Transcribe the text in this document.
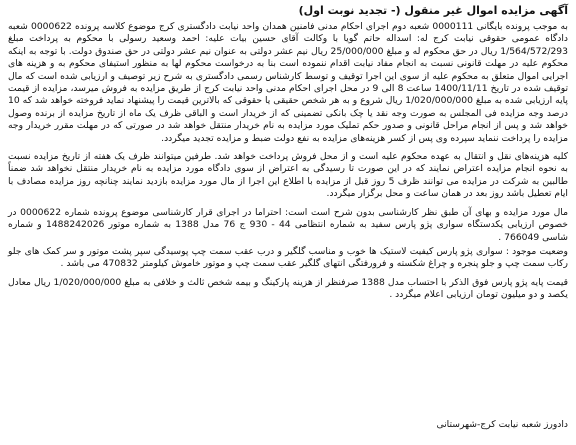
آگهی مزایده اموال غیر منقول (- تجدید نوبت اول)

به موجب پرونده بایگانی 0000111 شعبه دوم اجرای احکام مدنی فامنین همدان واحد نیابت دادگستری کرج موضوع کلاسه پرونده 0000622 شعبه دادگاه عمومی حقوقی نیابت کرج له: اسداله حاتم گویا با وکالت آقای حسین بیات علیه: احمد وسعید رسولی با محکوم به پرداخت مبلغ 1/564/572/293 ریال در حق محکوم له و مبلغ 25/000/000 ریال نیم عشر دولتی به عنوان نیم عشر دولتی در حق صندوق دولت. با توجه به اینکه محکوم علیه در مهلت قانونی نسبت به انجام مفاد نیابت اقدام ننموده است بنا به درخواست محکوم لها به منظور استیفای محکوم به و هزینه های اجرایی اموال متعلق به محکوم علیه از سوی این اجرا توقیف و توسط کارشناس رسمی دادگستری به شرح زیر توصیف و ارزیابی شده است که مال توقیف شده در تاریخ 1400/11/11 ساعت 8 الی 9 در محل اجرای احکام مدنی واحد نیابت کرج از طریق مزایده به فروش میرسد، مزایده از قیمت پایه ارزیابی شده به مبلغ 1/020/000/000 ریال شروع و به هر شخص حقیقی یا حقوقی که بالاترین قیمت را پیشنهاد نماید فروخته خواهد شد که 10 درصد وجه مزایده فی المجلس به صورت وجه نقد یا چک بانکی تضمینی که از خریدار است و الباقی ظرف یک ماه از تاریخ مزایده از برنده وصول خواهد شد و پس از انجام مراحل قانونی و صدور حکم تملیک مورد مزایده به نام خریدار منتقل خواهد شد در صورتی که در مهلت مقرر خریدار وجه مزایده را پرداخت ننماید سپرده وی پس از کسر هزینه‌های مزایده به نفع دولت ضبط و مزایده تجدید میگردد.

کلیه هزینه‌های نقل و انتقال به عهده محکوم علیه است و از محل فروش پرداخت خواهد شد. طرفین میتوانند ظرف یک هفته از تاریخ مزایده نسبت به نحوه انجام مزایده اعتراض نمایند که در این صورت تا رسیدگی به اعتراض از سوی دادگاه مورد مزایده به نام خریدار منتقل نخواهد شد ضمناً طالبین به شرکت در مزایده می توانند ظرف 5 روز قبل از مزایده با اطلاع این اجرا از مال مورد مزایده بازدید نمایند چنانچه روز مزایده مصادف با ایام تعطیل باشد روز بعد در همان ساعت و محل برگزار میگردد.

مال مورد مزایده و بهای آن طبق نظر کارشناسی بدون شرح است است: احتراما در اجرای قرار کارشناسی موضوع پرونده شماره 0000622 در خصوص ارزیابی یکدستگاه سواری پژو پارس سفید به شماره انتظامی 44 - 930 ج 76 مدل 1388 به شماره موتور 1488242026 و شماره شاسی 766049 .

وضعیت موجود : سواری پژو پارس کیفیت لاستیک ها خوب و مناسب گلگیر و درب عقب سمت چپ پوسیدگی سپر پشت موتور و سر کمک های جلو رکاب سمت چپ و جلو پنجره و چراغ شکسته و فرورفتگی انتهای گلگیر عقب سمت چپ و موتور خاموش کیلومتر 470832 می باشد .

قیمت پایه پژو پارس فوق الذکر با احتساب مدل 1388 صرفنظر از هزینه پارکینگ و بیمه شخص ثالث و خلافی به مبلغ 1/020/000/000 ریال معادل یکصد و دو میلیون تومان ارزیابی اعلام میگردد .

دادورز شعبه نیابت کرج-شهرستانی
